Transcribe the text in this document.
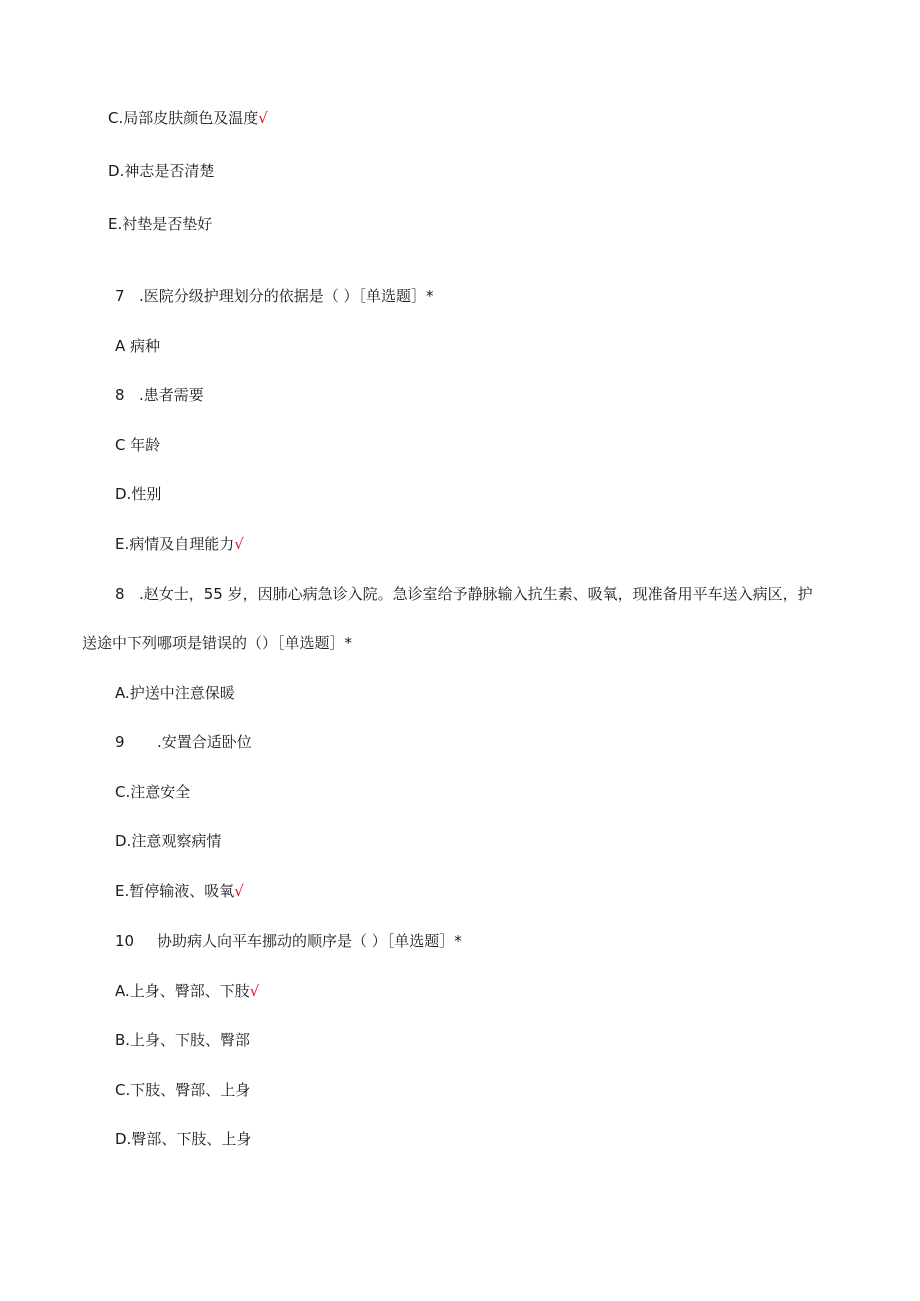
C.局部皮肤颜色及温度√
D.神志是否清楚
E.衬垫是否垫好
7 .医院分级护理划分的依据是（ ）［单选题］*
A 病种
8 .患者需要
C 年龄
D.性别
E.病情及自理能力√
8 .赵女士，55 岁，因肺心病急诊入院。急诊室给予静脉输入抗生素、吸氧，现准备用平车送入病区，护
送途中下列哪项是错误的（）［单选题］*
A.护送中注意保暖
9 .安置合适卧位
C.注意安全
D.注意观察病情
E.暂停输液、吸氧√
10 协助病人向平车挪动的顺序是（ ）［单选题］*
A.上身、臀部、下肢√
B.上身、下肢、臀部
C.下肢、臀部、上身
D.臀部、下肢、上身
